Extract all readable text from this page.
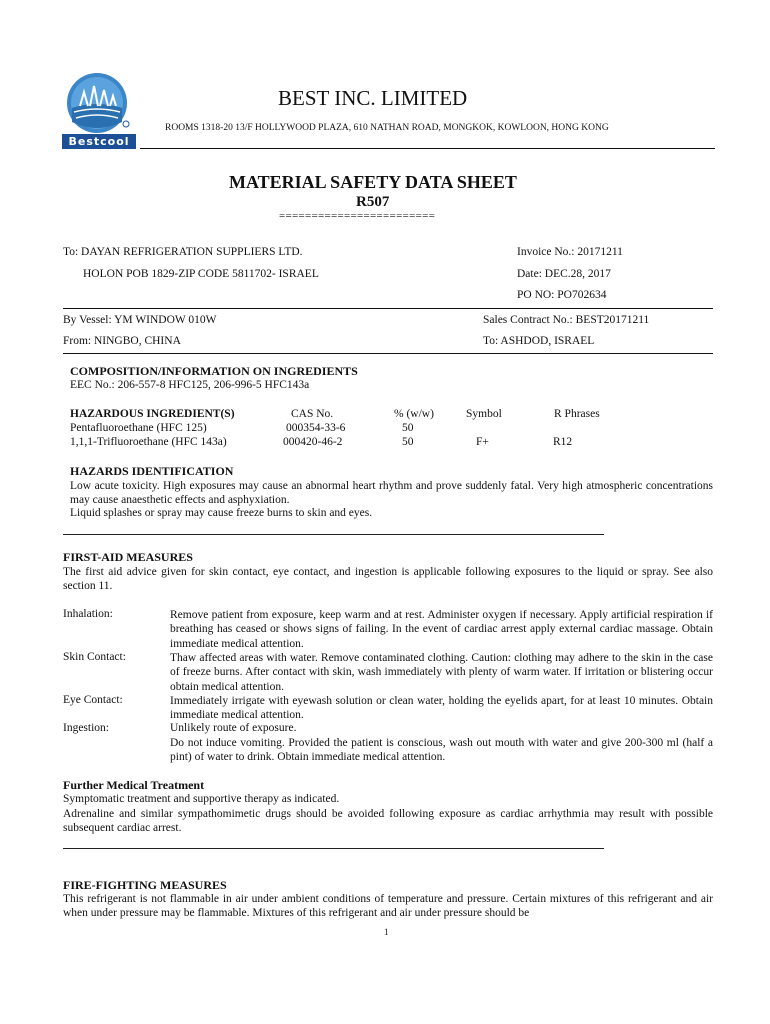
Bestcool
BEST INC. LIMITED
ROOMS 1318-20 13/F HOLLYWOOD PLAZA, 610 NATHAN ROAD, MONGKOK, KOWLOON, HONG KONG
MATERIAL SAFETY DATA SHEET
R507
========================
To: DAYAN REFRIGERATION SUPPLIERS LTD.
HOLON POB 1829-ZIP CODE 5811702- ISRAEL
Invoice No.: 20171211
Date: DEC.28, 2017
PO NO: PO702634
By Vessel: YM WINDOW 010W	Sales Contract No.: BEST20171211
From: NINGBO, CHINA	To: ASHDOD, ISRAEL
COMPOSITION/INFORMATION ON INGREDIENTS
EEC No.: 206-557-8 HFC125, 206-996-5 HFC143a
HAZARDOUS INGREDIENT(S)	CAS No.	% (w/w)	Symbol	R Phrases
Pentafluoroethane (HFC 125)	000354-33-6	50
1,1,1-Trifluoroethane (HFC 143a)	000420-46-2	50	F+	R12
HAZARDS IDENTIFICATION
Low acute toxicity. High exposures may cause an abnormal heart rhythm and prove suddenly fatal. Very high atmospheric concentrations may cause anaesthetic effects and asphyxiation.
Liquid splashes or spray may cause freeze burns to skin and eyes.
FIRST-AID MEASURES
The first aid advice given for skin contact, eye contact, and ingestion is applicable following exposures to the liquid or spray. See also section 11.
Inhalation:	Remove patient from exposure, keep warm and at rest. Administer oxygen if necessary. Apply artificial respiration if breathing has ceased or shows signs of failing. In the event of cardiac arrest apply external cardiac massage. Obtain immediate medical attention.
Skin Contact:	Thaw affected areas with water. Remove contaminated clothing. Caution: clothing may adhere to the skin in the case of freeze burns. After contact with skin, wash immediately with plenty of warm water. If irritation or blistering occur obtain medical attention.
Eye Contact:	Immediately irrigate with eyewash solution or clean water, holding the eyelids apart, for at least 10 minutes. Obtain immediate medical attention.
Ingestion:	Unlikely route of exposure.
Do not induce vomiting. Provided the patient is conscious, wash out mouth with water and give 200-300 ml (half a pint) of water to drink. Obtain immediate medical attention.
Further Medical Treatment
Symptomatic treatment and supportive therapy as indicated.
Adrenaline and similar sympathomimetic drugs should be avoided following exposure as cardiac arrhythmia may result with possible subsequent cardiac arrest.
FIRE-FIGHTING MEASURES
This refrigerant is not flammable in air under ambient conditions of temperature and pressure. Certain mixtures of this refrigerant and air when under pressure may be flammable. Mixtures of this refrigerant and air under pressure should be
1
